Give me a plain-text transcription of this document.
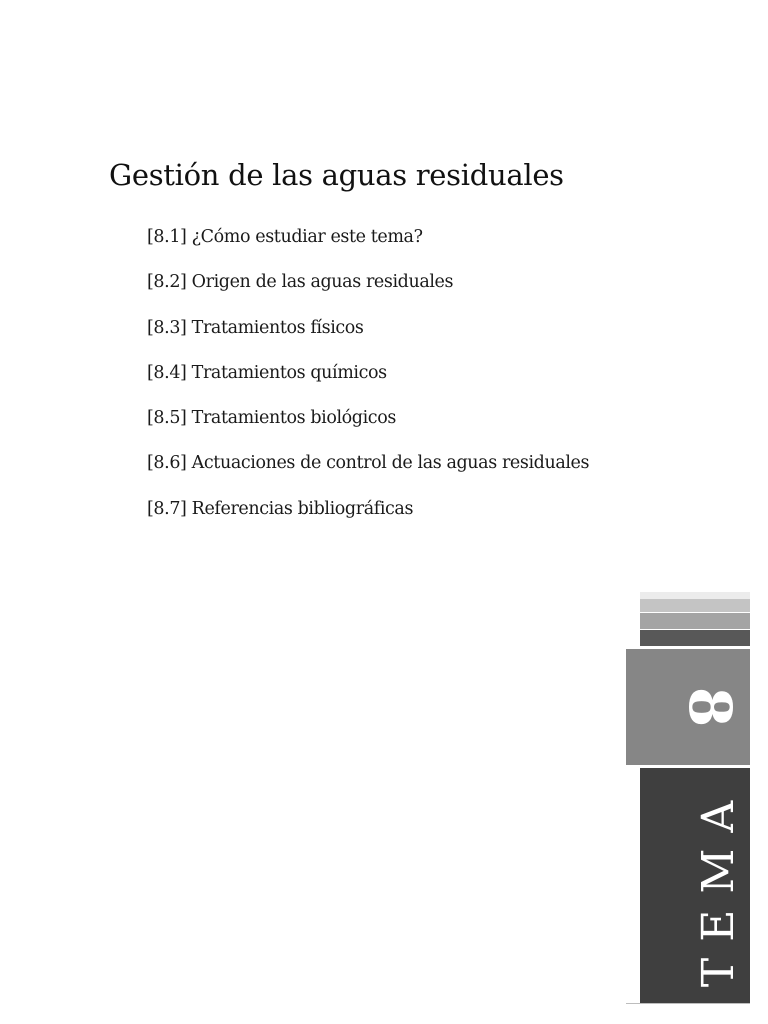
Gestión de las aguas residuales
[8.1] ¿Cómo estudiar este tema?
[8.2] Origen de las aguas residuales
[8.3] Tratamientos físicos
[8.4] Tratamientos químicos
[8.5] Tratamientos biológicos
[8.6] Actuaciones de control de las aguas residuales
[8.7] Referencias bibliográficas
8
TEMA
